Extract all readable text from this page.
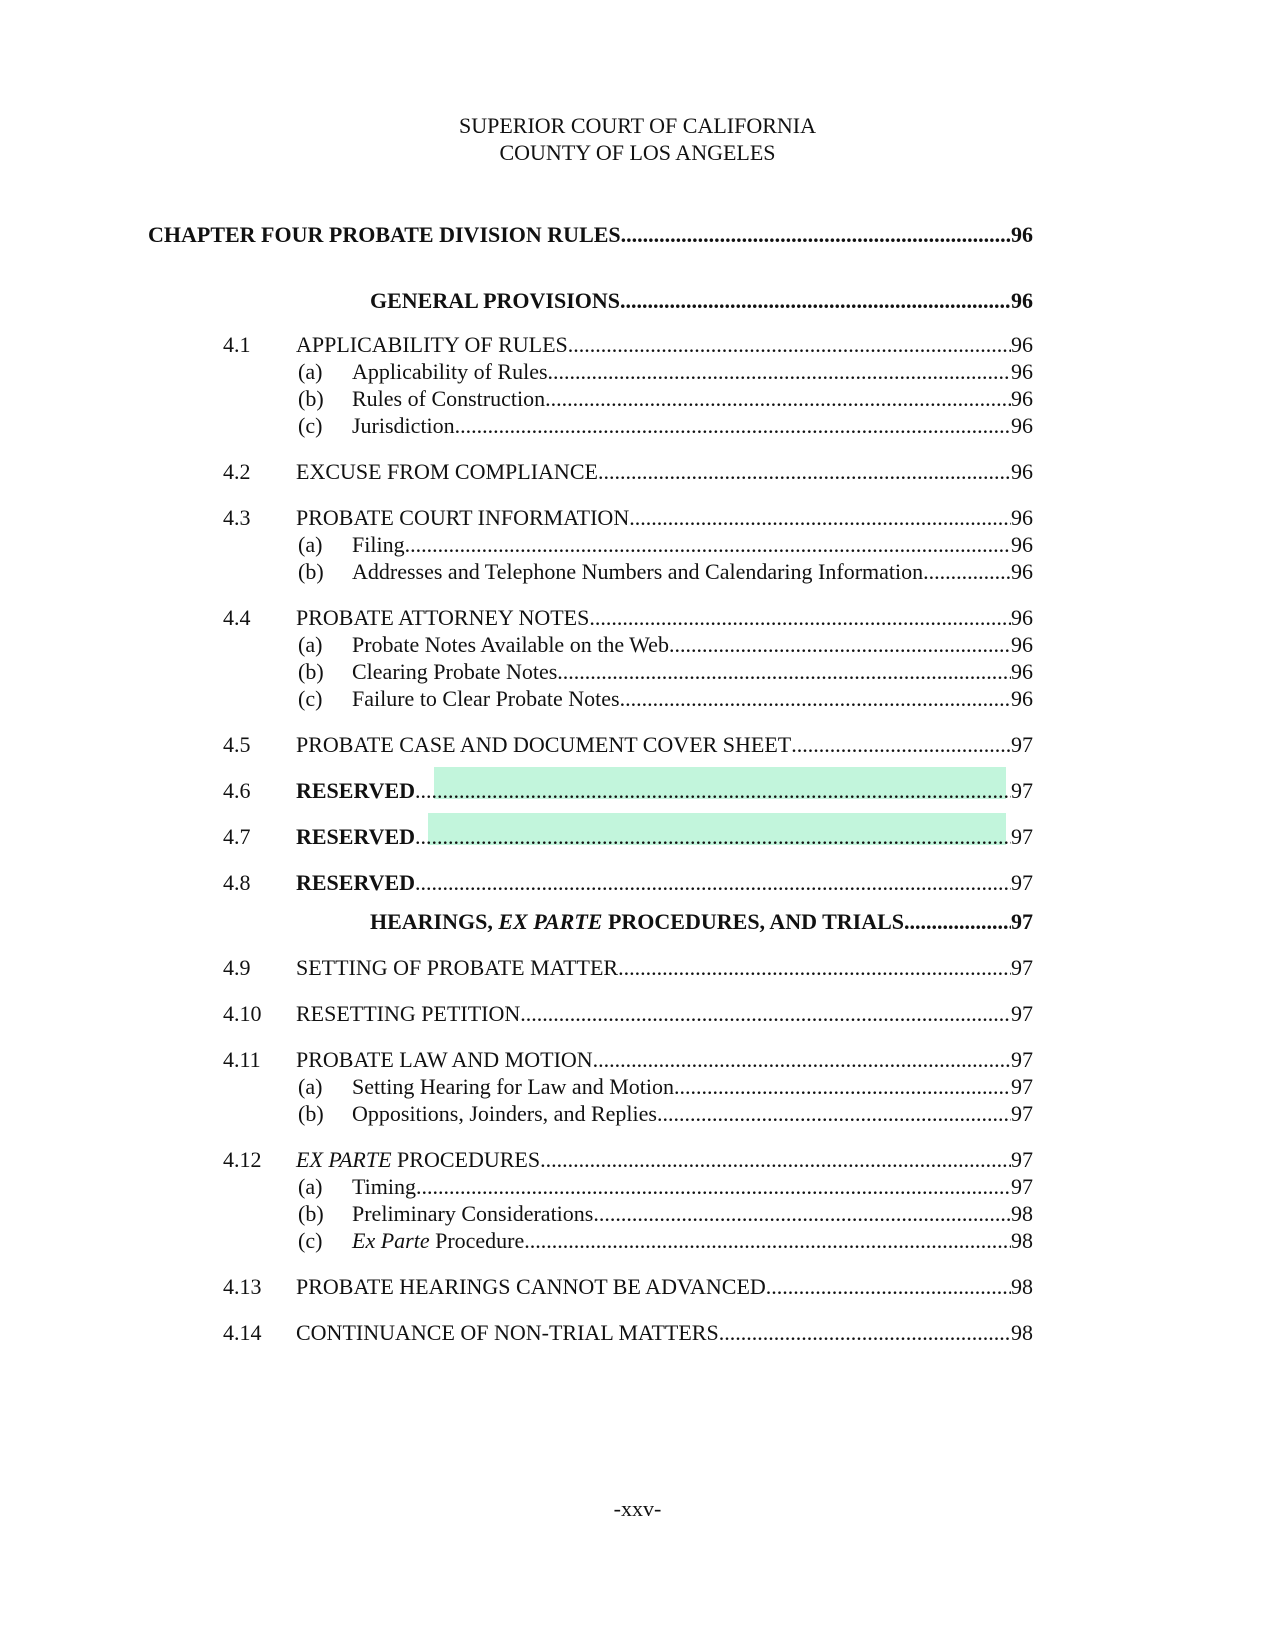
SUPERIOR COURT OF CALIFORNIA
COUNTY OF LOS ANGELES
CHAPTER FOUR PROBATE DIVISION RULES .....	96
GENERAL PROVISIONS .....	96
4.1 APPLICABILITY OF RULES .....	96
(a) Applicability of Rules .....	96
(b) Rules of Construction .....	96
(c) Jurisdiction .....	96
4.2 EXCUSE FROM COMPLIANCE .....	96
4.3 PROBATE COURT INFORMATION .....	96
(a) Filing .....	96
(b) Addresses and Telephone Numbers and Calendaring Information .....	96
4.4 PROBATE ATTORNEY NOTES .....	96
(a) Probate Notes Available on the Web .....	96
(b) Clearing Probate Notes .....	96
(c) Failure to Clear Probate Notes .....	96
4.5 PROBATE CASE AND DOCUMENT COVER SHEET .....	97
4.6 RESERVED .....	97
4.7 RESERVED .....	97
4.8 RESERVED .....	97
HEARINGS, EX PARTE PROCEDURES, AND TRIALS .....	97
4.9 SETTING OF PROBATE MATTER .....	97
4.10 RESETTING PETITION .....	97
4.11 PROBATE LAW AND MOTION .....	97
(a) Setting Hearing for Law and Motion .....	97
(b) Oppositions, Joinders, and Replies .....	97
4.12 EX PARTE PROCEDURES .....	97
(a) Timing .....	97
(b) Preliminary Considerations .....	98
(c) Ex Parte Procedure .....	98
4.13 PROBATE HEARINGS CANNOT BE ADVANCED .....	98
4.14 CONTINUANCE OF NON-TRIAL MATTERS .....	98
-xxv-
